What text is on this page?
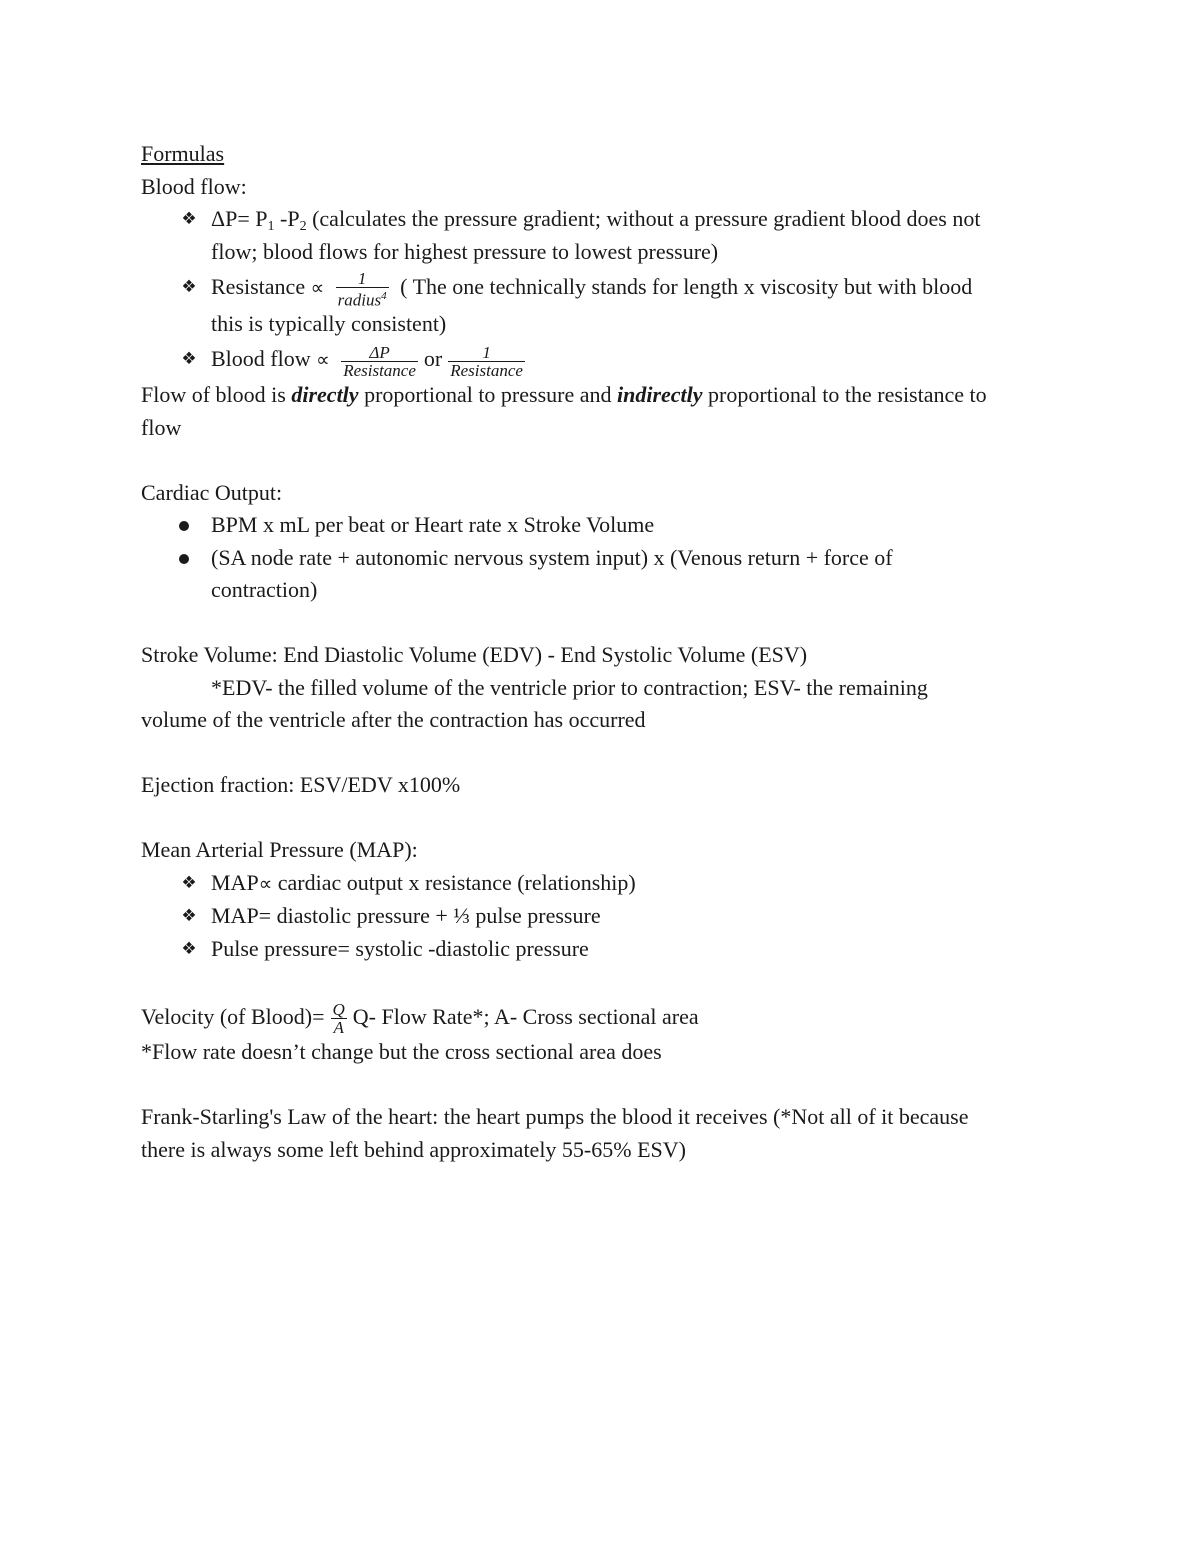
Formulas
Blood flow:
❖ $\Delta P= P_1$ $-P_2$ (calculates the pressure gradient; without a pressure gradient blood does not
flow; blood flows for highest pressure to lowest pressure)
❖ Resistance ∝ $\frac{1}{radius^4}$ ( The one technically stands for length x viscosity but with blood
this is typically consistent)
❖ Blood flow ∝ $\frac{\Delta P}{\text{Resistance}}$ or $\frac{1}{\text{Resistance}}$
Flow of blood is directly proportional to pressure and indirectly proportional to the resistance to
flow
Cardiac Output:
BPM x mL per beat or Heart rate x Stroke Volume
(SA node rate + autonomic nervous system input) x (Venous return + force of
contraction)
Stroke Volume: End Diastolic Volume (EDV) - End Systolic Volume (ESV)
*EDV- the filled volume of the ventricle prior to contraction; ESV- the remaining
volume of the ventricle after the contraction has occurred
Ejection fraction: ESV/EDV x100%
Mean Arterial Pressure (MAP):
❖ MAP∝ cardiac output x resistance (relationship)
❖ MAP= diastolic pressure + ⅓ pulse pressure
❖ Pulse pressure= systolic -diastolic pressure
Velocity (of Blood)= $\frac{Q}{A} Q-$ Flow Rate*; A- Cross sectional area
*Flow rate doesn’t change but the cross sectional area does
Frank-Starling's Law of the heart: the heart pumps the blood it receives (*Not all of it because
there is always some left behind approximately 55-65% ESV)
